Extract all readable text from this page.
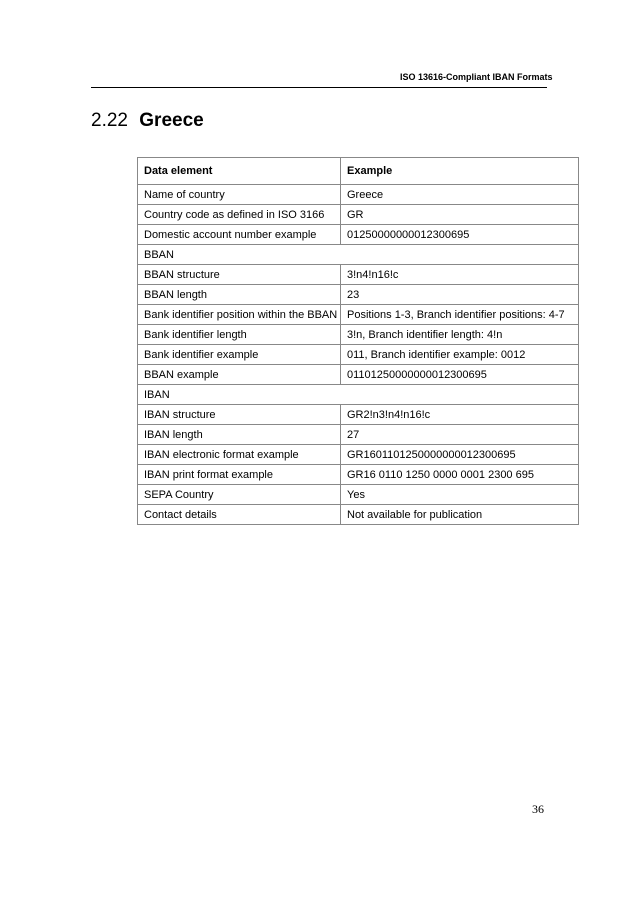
ISO 13616-Compliant IBAN Formats
2.22 Greece
Data element	Example
Name of country	Greece
Country code as defined in ISO 3166	GR
Domestic account number example	01250000000012300695
BBAN	
BBAN structure	3!n4!n16!c
BBAN length	23
Bank identifier position within the BBAN	Positions 1-3, Branch identifier positions: 4-7
Bank identifier length	3!n, Branch identifier length: 4!n
Bank identifier example	011, Branch identifier example: 0012
BBAN example	01101250000000012300695
IBAN	
IBAN structure	GR2!n3!n4!n16!c
IBAN length	27
IBAN electronic format example	GR1601101250000000012300695
IBAN print format example	GR16 0110 1250 0000 0001 2300 695
SEPA Country	Yes
Contact details	Not available for publication
36
